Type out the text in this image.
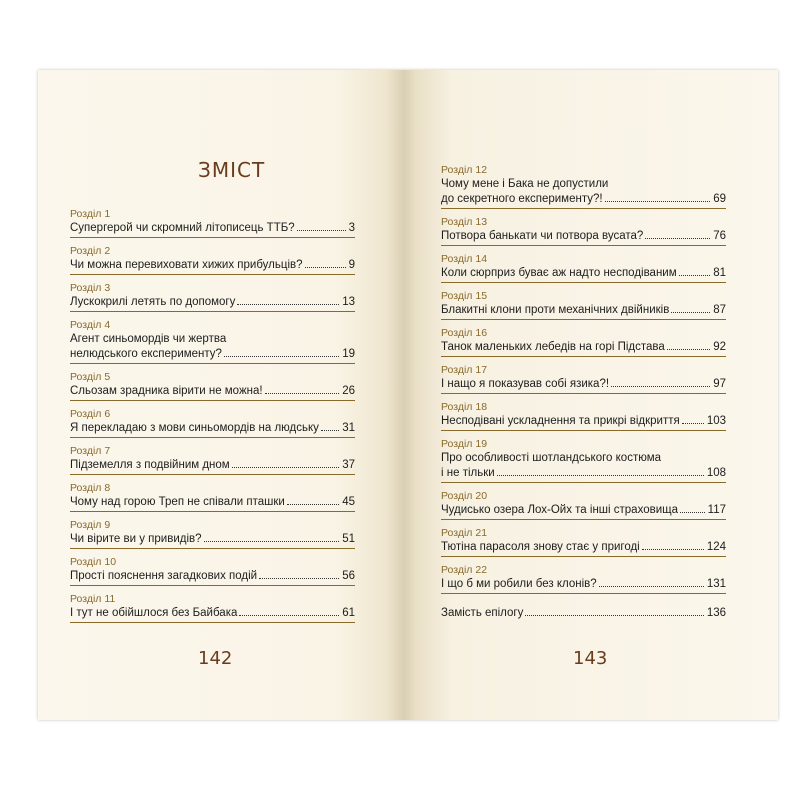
ЗМІСТ
Розділ 1
Супергерой чи скромний літописець ТТБ?	3
Розділ 2
Чи можна перевиховати хижих прибульців?	9
Розділ 3
Лускокрилі летять по допомогу	13
Розділ 4
Агент синьомордів чи жертва
нелюдського експерименту?	19
Розділ 5
Сльозам зрадника вірити не можна!	26
Розділ 6
Я перекладаю з мови синьомордів на людську 31
Розділ 7
Підземелля з подвійним дном	37
Розділ 8
Чому над горою Треп не співали пташки	45
Розділ 9
Чи вірите ви у привидів?	51
Розділ 10
Прості пояснення загадкових подій	56
Розділ 11
І тут не обійшлося без Байбака	61
142
Розділ 12
Чому мене і Бака не допустили
до секретного експерименту?!	69
Розділ 13
Потвора банькати чи потвора вусата?	76
Розділ 14
Коли сюрприз буває аж надто несподіваним	81
Розділ 15
Блакитні клони проти механічних двійників	87
Розділ 16
Танок маленьких лебедів на горі Підстава	92
Розділ 17
І нащо я показував собі язика?!	97
Розділ 18
Несподівані ускладнення та прикрі відкриття 103
Розділ 19
Про особливості шотландського костюма
і не тільки	108
Розділ 20
Чудисько озера Лох-Ойх та інші страховища	117
Розділ 21
Тютіна парасоля знову стає у пригоді	124
Розділ 22
І що б ми робили без клонів?	131
Замість епілогу	136
143
